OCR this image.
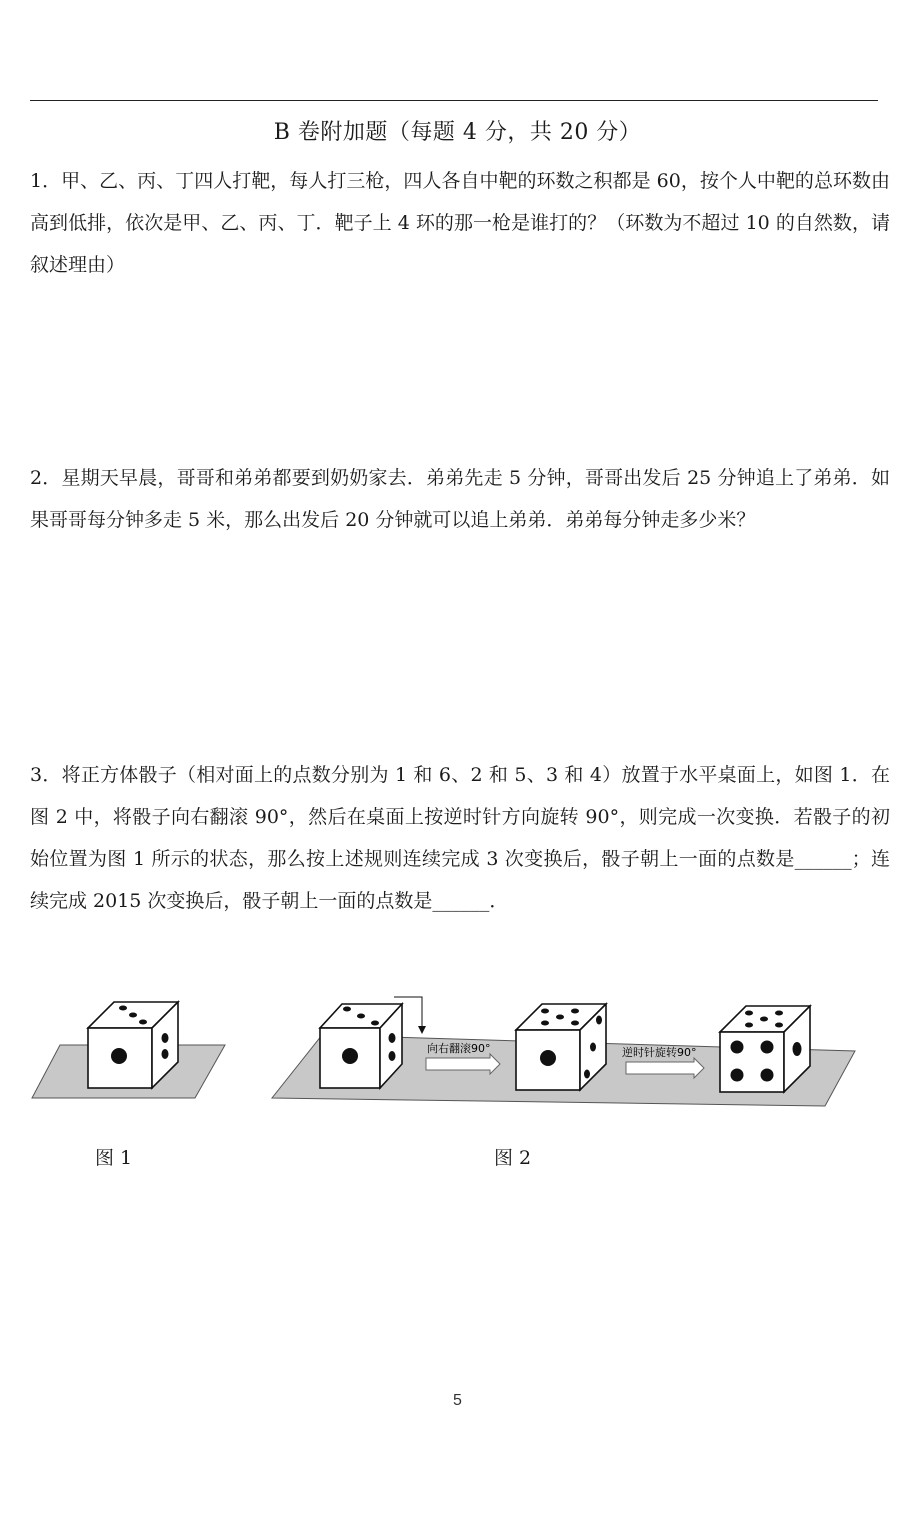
B 卷附加题（每题 4 分，共 20 分）
1．甲、乙、丙、丁四人打靶，每人打三枪，四人各自中靶的环数之积都是 60，按个人中靶的总环数由高到低排，依次是甲、乙、丙、丁．靶子上 4 环的那一枪是谁打的？（环数为不超过 10 的自然数，请叙述理由）
2．星期天早晨，哥哥和弟弟都要到奶奶家去．弟弟先走 5 分钟，哥哥出发后 25 分钟追上了弟弟．如果哥哥每分钟多走 5 米，那么出发后 20 分钟就可以追上弟弟．弟弟每分钟走多少米？
3．将正方体骰子（相对面上的点数分别为 1 和 6、2 和 5、3 和 4）放置于水平桌面上，如图 1．在图 2 中，将骰子向右翻滚 90°，然后在桌面上按逆时针方向旋转 90°，则完成一次变换．若骰子的初始位置为图 1 所示的状态，那么按上述规则连续完成 3 次变换后，骰子朝上一面的点数是______；连续完成 2015 次变换后，骰子朝上一面的点数是______．
向右翻滚90°	逆时针旋转90°
图 1	图 2
5
